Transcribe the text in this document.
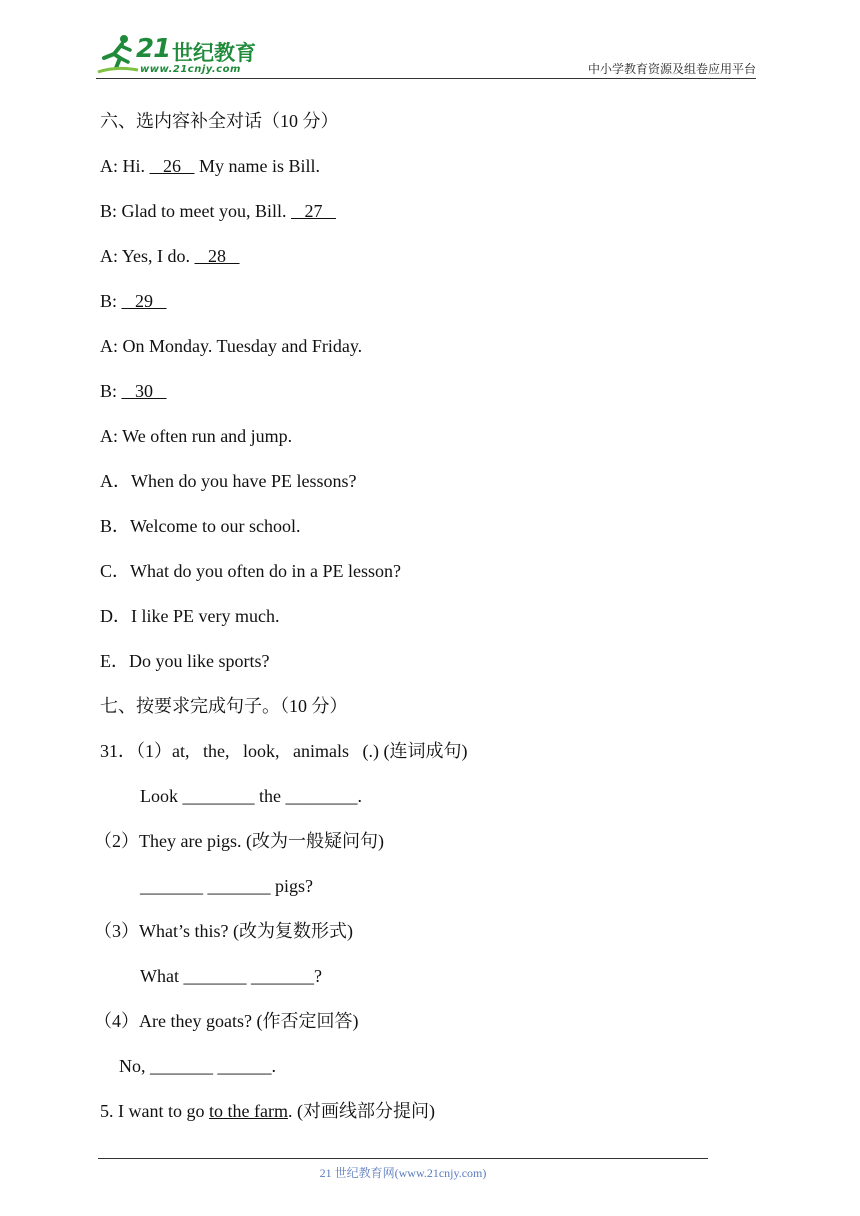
21 世纪教育
www.21cnjy.com	中小学教育资源及组卷应用平台
六、选内容补全对话（10 分）
A: Hi.    26    My name is Bill.
B: Glad to meet you, Bill.    27
A: Yes, I do.    28
B:    29
A: On Monday. Tuesday and Friday.
B:    30
A: We often run and jump.
A．When do you have PE lessons?
B．Welcome to our school.
C．What do you often do in a PE lesson?
D．I like PE very much.
E．Do you like sports?
七、按要求完成句子。（10 分）
31．（1）at,   the,   look,   animals   (.) (连词成句)
Look ________ the ________.
（2）They are pigs. (改为一般疑问句)
_______ _______ pigs?
（3）What’s this? (改为复数形式)
What _______ _______?
（4）Are they goats? (作否定回答)
No, _______ ______.
5. I want to go to the farm. (对画线部分提问)
21 世纪教育网(www.21cnjy.com)
